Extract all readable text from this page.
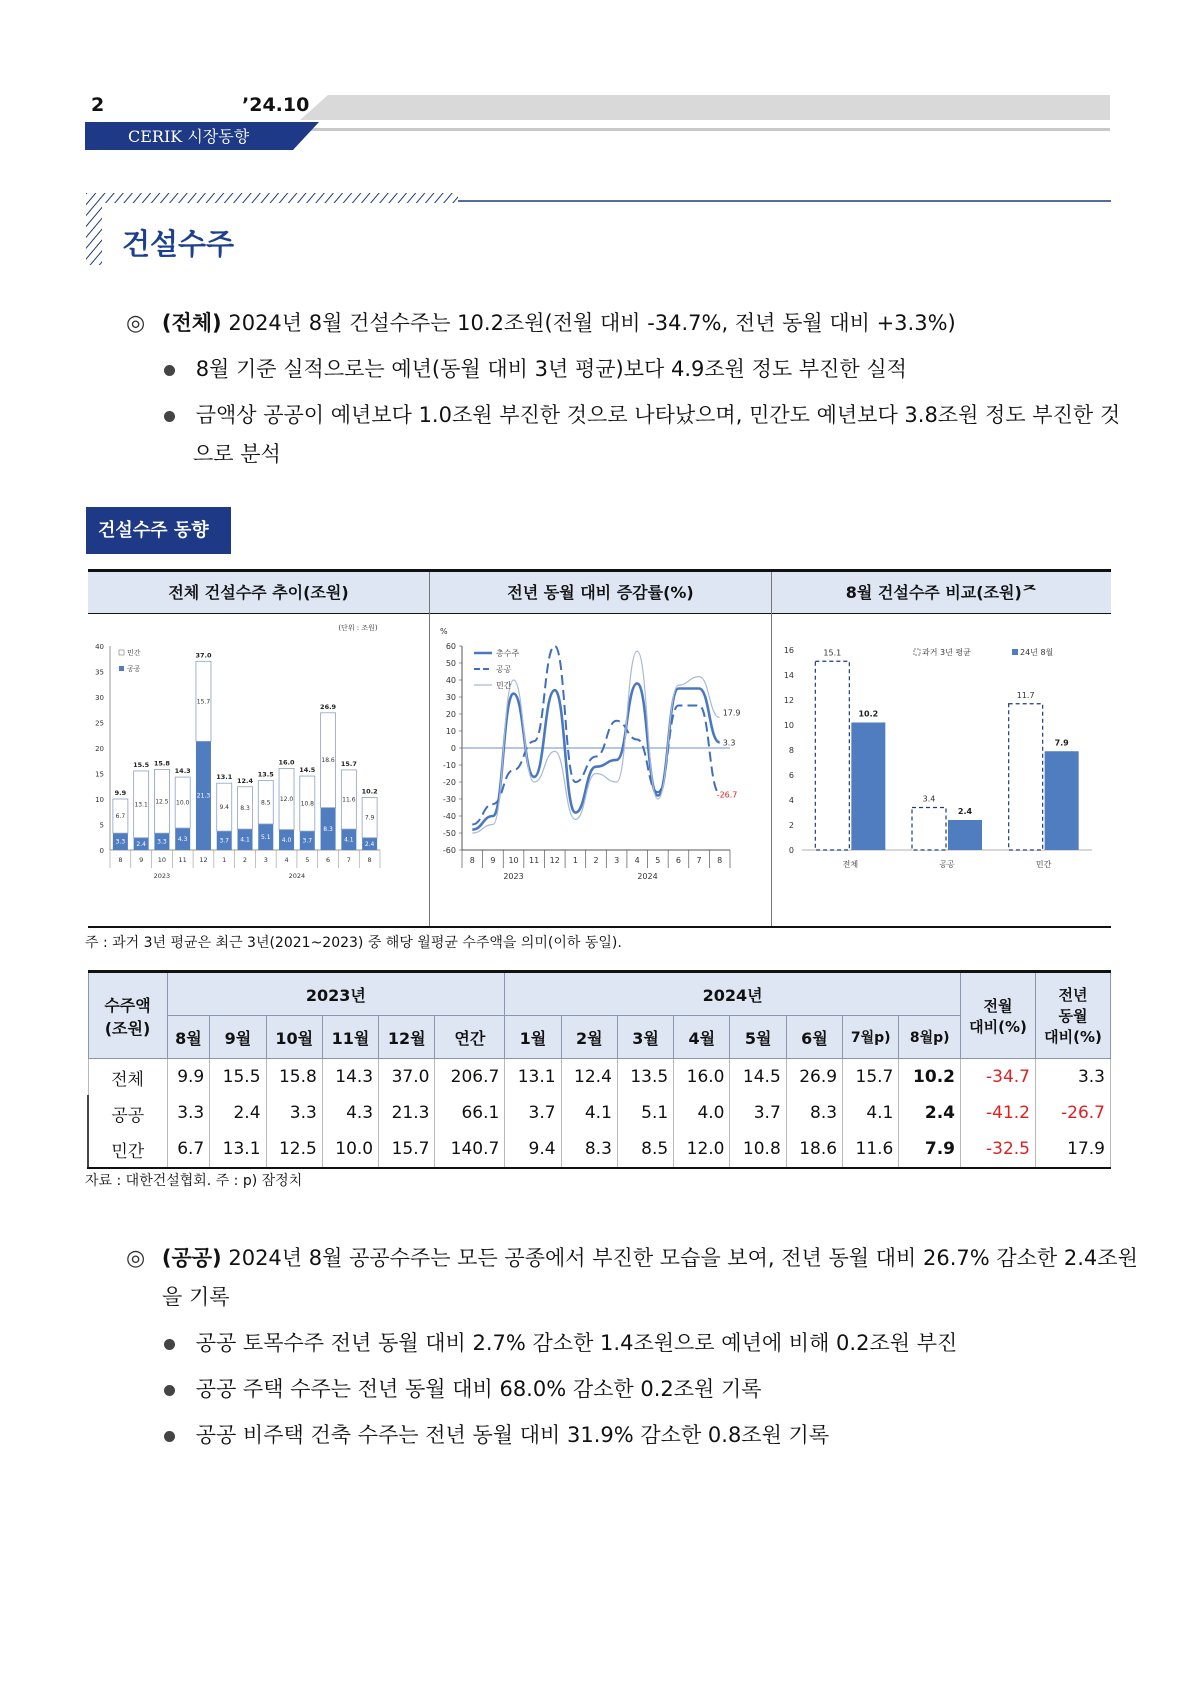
2	’24.10
CERIK 시장동향
건설수주
◎ (전체) 2024년 8월 건설수주는 10.2조원(전월 대비 -34.7%, 전년 동월 대비 +3.3%)
8월 기준 실적으로는 예년(동월 대비 3년 평균)보다 4.9조원 정도 부진한 실적
금액상 공공이 예년보다 1.0조원 부진한 것으로 나타났으며, 민간도 예년보다 3.8조원 정도 부진한 것
으로 분석
건설수주 동향
전체 건설수주 추이(조원)	전년 동월 대비 증감률(%)	8월 건설수주 비교(조원)ᄌ
(단위 : 조원)
0
5
10
15
20
25
30
35
40
민간
공공
9.9
3.3
6.7
8
15.5
2.4
13.1
9
15.8
3.3
12.5
10
14.3
4.3
10.0
11
37.0
21.3
15.7
12
13.1
3.7
9.4
1
12.4
4.1
8.3
2
13.5
5.1
8.5
3
16.0
4.0
12.0
4
14.5
3.7
10.8
5
26.9
8.3
18.6
6
15.7
4.1
11.6
7
10.2
2.4
7.9
8
2023	2024
%
-60
-50
-40
-30
-20
-10
0
10
20
30
40
50
60
총수주
공공
민간
17.9
3.3
-26.7
8 9 10 11 12 1 2 3 4 5 6 7 8
2023	2024
0
2
4
6
8
10
12
14
16	과거 3년 평균	24년 8월
15.1
10.2
전체
3.4
2.4
공공
11.7
7.9
민간
주 : 과거 3년 평균은 최근 3년(2021~2023) 중 해당 월평균 수주액을 의미(이하 동일).
수주액
(조원)	2023년						2024년								전월
대비(%)	전년
동월
대비(%)
	8월	9월	10월	11월	12월	연간	1월	2월	3월	4월	5월	6월	7월p)	8월p)		
전체	9.9	15.5	15.8	14.3	37.0	206.7	13.1	12.4	13.5	16.0	14.5	26.9	15.7	10.2	-34.7	3.3
공공	3.3	2.4	3.3	4.3	21.3	66.1	3.7	4.1	5.1	4.0	3.7	8.3	4.1	2.4	-41.2	-26.7
민간	6.7	13.1	12.5	10.0	15.7	140.7	9.4	8.3	8.5	12.0	10.8	18.6	11.6	7.9	-32.5	17.9
자료 : 대한건설협회. 주 : p) 잠정치
◎ (공공) 2024년 8월 공공수주는 모든 공종에서 부진한 모습을 보여, 전년 동월 대비 26.7% 감소한 2.4조원
을 기록
공공 토목수주 전년 동월 대비 2.7% 감소한 1.4조원으로 예년에 비해 0.2조원 부진
공공 주택 수주는 전년 동월 대비 68.0% 감소한 0.2조원 기록
공공 비주택 건축 수주는 전년 동월 대비 31.9% 감소한 0.8조원 기록
